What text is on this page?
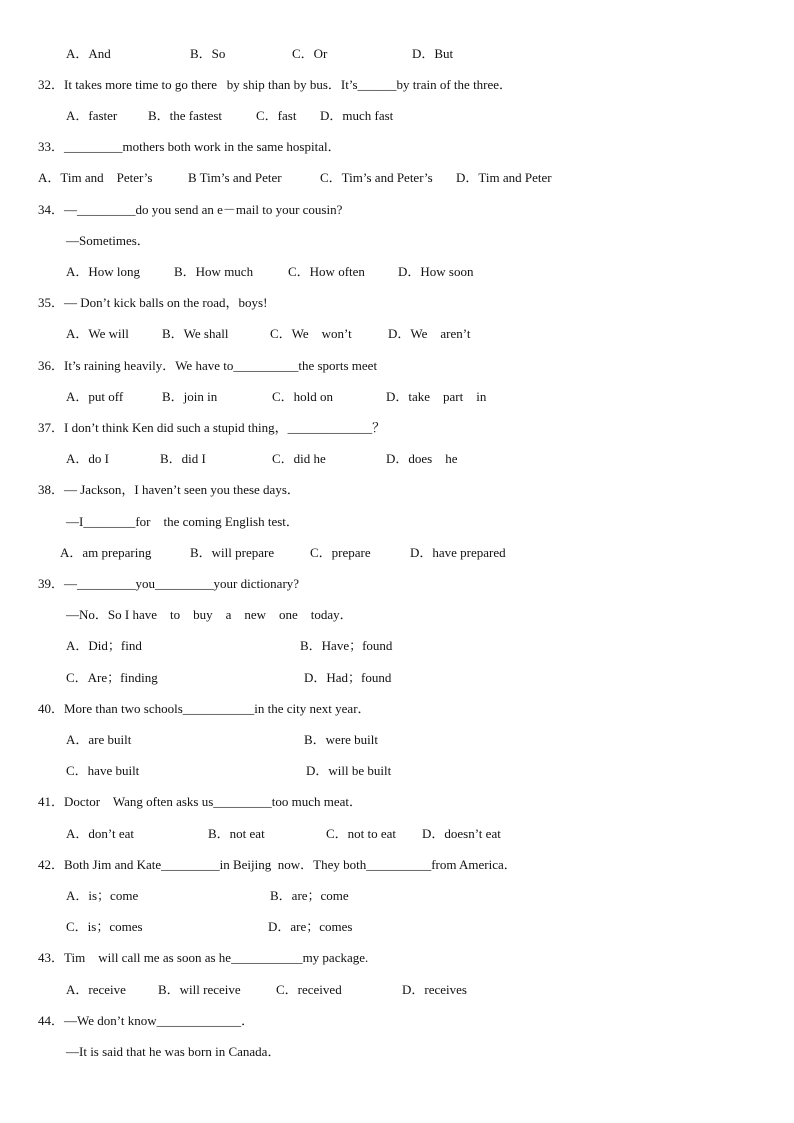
A．And	B．So	C．Or	D．But
32．It takes more time to go there   by ship than by bus．It’s______by train of the three．
A．faster B．the fastest	C．fast D．much fast
33．_________mothers both work in the same hospital．
A．Tim and    Peter’s	B Tim’s and Peter	C．Tim’s and Peter’s D．Tim and Peter
34．—_________do you send an e－mail to your cousin?
—Sometimes．
A．How long	B．How much	C．How often	D．How soon
35．— Don’t kick balls on the road，boys!
A．We will	B．We shall	C．We    won’t	D．We    aren’t
36．It’s raining heavily．We have to__________the sports meet
A．put off	B．join in	C．hold on	D．take    part    in
37．I don’t think Ken did such a stupid thing，_____________？
A．do I	B．did I	C．did he	D．does    he
38．— Jackson，I haven’t seen you these days．
—I________for    the coming English test．
A．am preparing	B．will prepare	C．prepare	D．have prepared
39．—_________you_________your dictionary?
—No．So I have    to    buy    a    new    one    today．
A．Did；find	B．Have；found
C．Are；finding	D．Had；found
40．More than two schools___________in the city next year．
A．are built	B．were built
C．have built	D．will be built
41．Doctor    Wang often asks us_________too much meat．
A．don’t eat	B．not eat	C．not to eat D．doesn’t eat
42．Both Jim and Kate_________in Beijing  now．They both__________from America．
A．is；come	B．are；come
C．is；comes	D．are；comes
43．Tim    will call me as soon as he___________my package.
A．receive B．will receive	C．received	D．receives
44．—We don’t know_____________．
—It is said that he was born in Canada．
